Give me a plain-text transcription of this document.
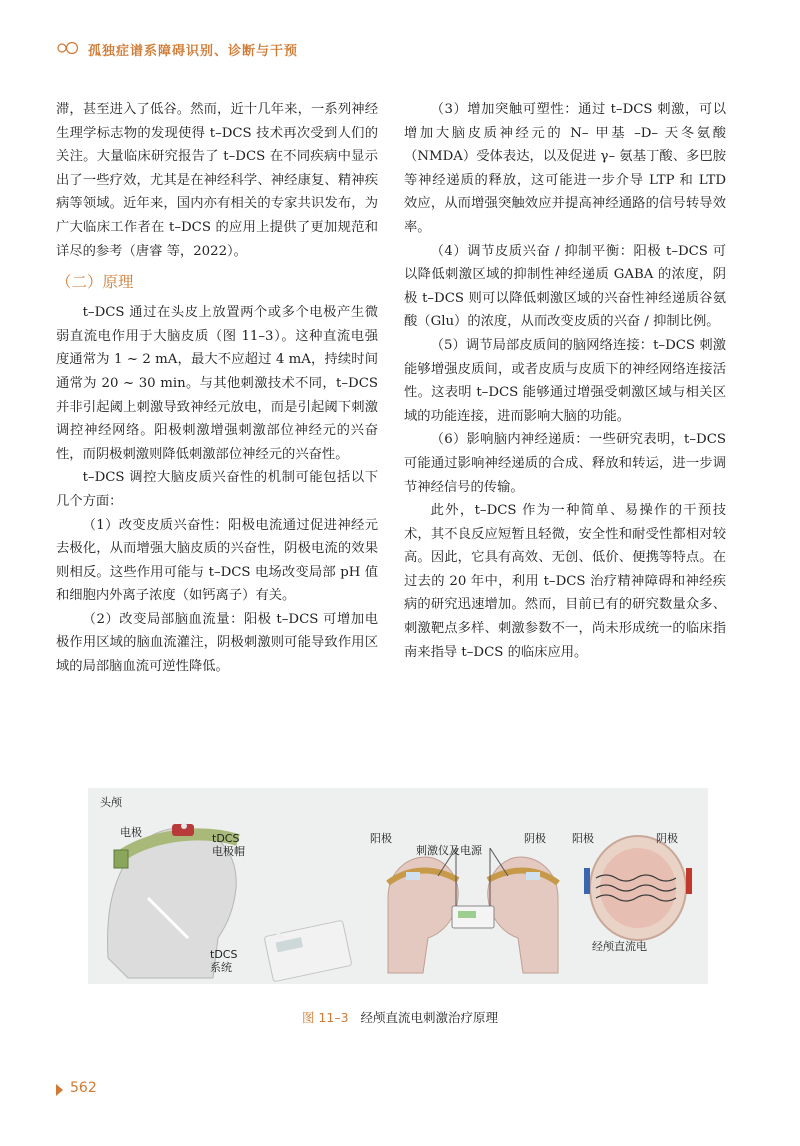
孤独症谱系障碍识别、诊断与干预

滞，甚至进入了低谷。然而，近十几年来，一系列神经生理学标志物的发现使得 t–DCS 技术再次受到人们的关注。大量临床研究报告了 t–DCS 在不同疾病中显示出了一些疗效，尤其是在神经科学、神经康复、精神疾病等领域。近年来，国内亦有相关的专家共识发布，为广大临床工作者在 t–DCS 的应用上提供了更加规范和详尽的参考（唐睿 等，2022）。

（二）原理

t–DCS 通过在头皮上放置两个或多个电极产生微弱直流电作用于大脑皮质（图 11–3）。这种直流电强度通常为 1 ~ 2 mA，最大不应超过 4 mA，持续时间通常为 20 ~ 30 min。与其他刺激技术不同，t–DCS 并非引起阈上刺激导致神经元放电，而是引起阈下刺激调控神经网络。阳极刺激增强刺激部位神经元的兴奋性，而阴极刺激则降低刺激部位神经元的兴奋性。

t–DCS 调控大脑皮质兴奋性的机制可能包括以下几个方面：

（1）改变皮质兴奋性：阳极电流通过促进神经元去极化，从而增强大脑皮质的兴奋性，阴极电流的效果则相反。这些作用可能与 t–DCS 电场改变局部 pH 值和细胞内外离子浓度（如钙离子）有关。

（2）改变局部脑血流量：阳极 t–DCS 可增加电极作用区域的脑血流灌注，阴极刺激则可能导致作用区域的局部脑血流可逆性降低。

（3）增加突触可塑性：通过 t–DCS 刺激，可以增加大脑皮质神经元的 N– 甲基 –D– 天冬氨酸（NMDA）受体表达，以及促进 γ– 氨基丁酸、多巴胺等神经递质的释放，这可能进一步介导 LTP 和 LTD 效应，从而增强突触效应并提高神经通路的信号转导效率。

（4）调节皮质兴奋 / 抑制平衡：阳极 t–DCS 可以降低刺激区域的抑制性神经递质 GABA 的浓度，阴极 t–DCS 则可以降低刺激区域的兴奋性神经递质谷氨酸（Glu）的浓度，从而改变皮质的兴奋 / 抑制比例。

（5）调节局部皮质间的脑网络连接：t–DCS 刺激能够增强皮质间，或者皮质与皮质下的神经网络连接活性。这表明 t–DCS 能够通过增强受刺激区域与相关区域的功能连接，进而影响大脑的功能。

（6）影响脑内神经递质：一些研究表明，t–DCS 可能通过影响神经递质的合成、释放和转运，进一步调节神经信号的传输。

此外，t–DCS 作为一种简单、易操作的干预技术，其不良反应短暂且轻微，安全性和耐受性都相对较高。因此，它具有高效、无创、低价、便携等特点。在过去的 20 年中，利用 t–DCS 治疗精神障碍和神经疾病的研究迅速增加。然而，目前已有的研究数量众多、刺激靶点多样、刺激参数不一，尚未形成统一的临床指南来指导 t–DCS 的临床应用。

头颅
电极	tDCS
电极帽
tDCS
系统
阳极
刺激仪及电源
阴极 阳极	阴极
经颅直流电
图 11–3 经颅直流电刺激治疗原理
562
